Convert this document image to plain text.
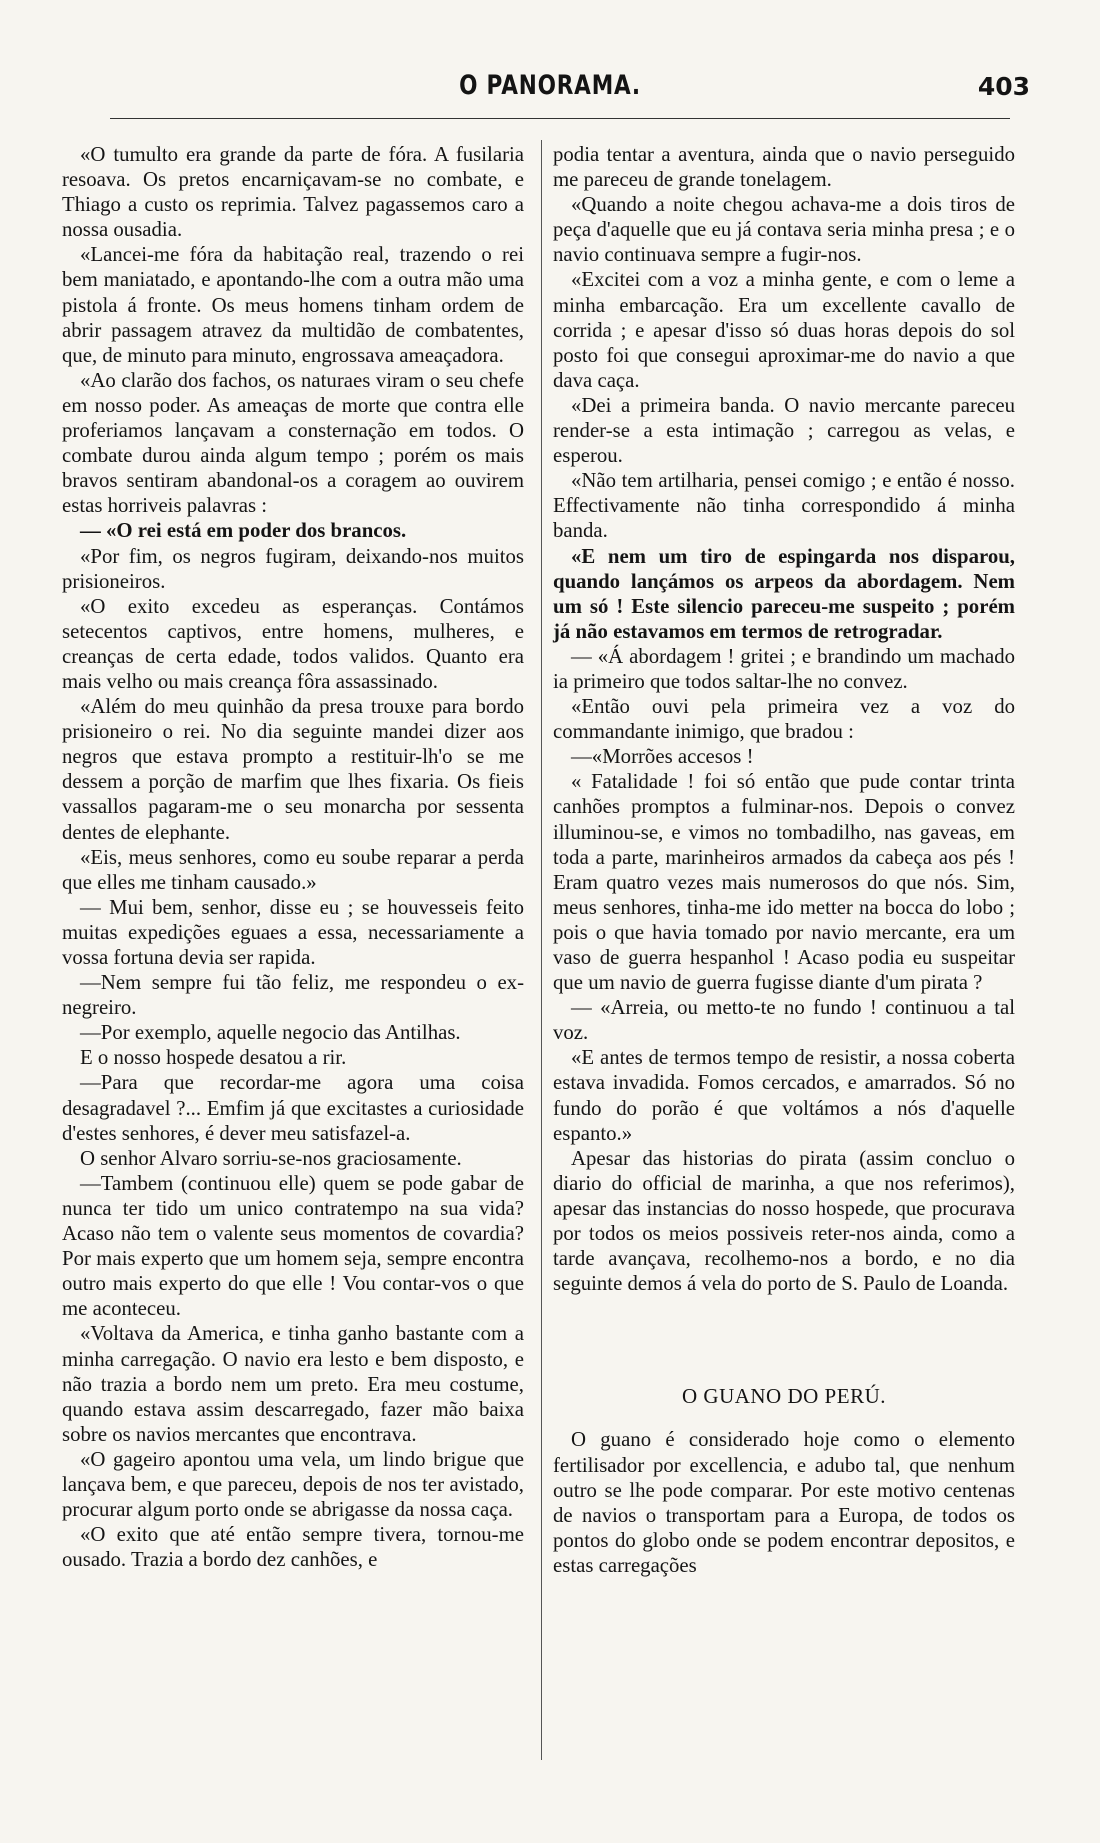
O PANORAMA.	403

«O tumulto era grande da parte de fóra. A fusilaria resoava. Os pretos encarniçavam-se no combate, e Thiago a custo os reprimia. Talvez pagassemos caro a nossa ousadia.

«Lancei-me fóra da habitação real, trazendo o rei bem maniatado, e apontando-lhe com a outra mão uma pistola á fronte. Os meus homens tinham ordem de abrir passagem atravez da multidão de combatentes, que, de minuto para minuto, engrossava ameaçadora.

«Ao clarão dos fachos, os naturaes viram o seu chefe em nosso poder. As ameaças de morte que contra elle proferiamos lançavam a consternação em todos. O combate durou ainda algum tempo ; porém os mais bravos sentiram abandonal-os a coragem ao ouvirem estas horriveis palavras :

— «O rei está em poder dos brancos.

«Por fim, os negros fugiram, deixando-nos muitos prisioneiros.

«O exito excedeu as esperanças. Contámos setecentos captivos, entre homens, mulheres, e creanças de certa edade, todos validos. Quanto era mais velho ou mais creança fôra assassinado.

«Além do meu quinhão da presa trouxe para bordo prisioneiro o rei. No dia seguinte mandei dizer aos negros que estava prompto a restituir-lh'o se me dessem a porção de marfim que lhes fixaria. Os fieis vassallos pagaram-me o seu monarcha por sessenta dentes de elephante.

«Eis, meus senhores, como eu soube reparar a perda que elles me tinham causado.»

— Mui bem, senhor, disse eu ; se houvesseis feito muitas expedições eguaes a essa, necessariamente a vossa fortuna devia ser rapida.

—Nem sempre fui tão feliz, me respondeu o ex-negreiro.

—Por exemplo, aquelle negocio das Antilhas.

E o nosso hospede desatou a rir.

—Para que recordar-me agora uma coisa desagradavel ?... Emfim já que excitastes a curiosidade d'estes senhores, é dever meu satisfazel-a.

O senhor Alvaro sorriu-se-nos graciosamente.

—Tambem (continuou elle) quem se pode gabar de nunca ter tido um unico contratempo na sua vida? Acaso não tem o valente seus momentos de covardia? Por mais experto que um homem seja, sempre encontra outro mais experto do que elle ! Vou contar-vos o que me aconteceu.

«Voltava da America, e tinha ganho bastante com a minha carregação. O navio era lesto e bem disposto, e não trazia a bordo nem um preto. Era meu costume, quando estava assim descarregado, fazer mão baixa sobre os navios mercantes que encontrava.

«O gageiro apontou uma vela, um lindo brigue que lançava bem, e que pareceu, depois de nos ter avistado, procurar algum porto onde se abrigasse da nossa caça.

«O exito que até então sempre tivera, tornou-me ousado. Trazia a bordo dez canhões, e

podia tentar a aventura, ainda que o navio perseguido me pareceu de grande tonelagem.

«Quando a noite chegou achava-me a dois tiros de peça d'aquelle que eu já contava seria minha presa ; e o navio continuava sempre a fugir-nos.

«Excitei com a voz a minha gente, e com o leme a minha embarcação. Era um excellente cavallo de corrida ; e apesar d'isso só duas horas depois do sol posto foi que consegui aproximar-me do navio a que dava caça.

«Dei a primeira banda. O navio mercante pareceu render-se a esta intimação ; carregou as velas, e esperou.

«Não tem artilharia, pensei comigo ; e então é nosso. Effectivamente não tinha correspondido á minha banda.

«E nem um tiro de espingarda nos disparou, quando lançámos os arpeos da abordagem. Nem um só ! Este silencio pareceu-me suspeito ; porém já não estavamos em termos de retrogradar.

— «Á abordagem ! gritei ; e brandindo um machado ia primeiro que todos saltar-lhe no convez.

«Então ouvi pela primeira vez a voz do commandante inimigo, que bradou :

—«Morrões accesos !

« Fatalidade ! foi só então que pude contar trinta canhões promptos a fulminar-nos. Depois o convez illuminou-se, e vimos no tombadilho, nas gaveas, em toda a parte, marinheiros armados da cabeça aos pés ! Eram quatro vezes mais numerosos do que nós. Sim, meus senhores, tinha-me ido metter na bocca do lobo ; pois o que havia tomado por navio mercante, era um vaso de guerra hespanhol ! Acaso podia eu suspeitar que um navio de guerra fugisse diante d'um pirata ?

— «Arreia, ou metto-te no fundo ! continuou a tal voz.

«E antes de termos tempo de resistir, a nossa coberta estava invadida. Fomos cercados, e amarrados. Só no fundo do porão é que voltámos a nós d'aquelle espanto.»

Apesar das historias do pirata (assim concluo o diario do official de marinha, a que nos referimos), apesar das instancias do nosso hospede, que procurava por todos os meios possiveis reter-nos ainda, como a tarde avançava, recolhemo-nos a bordo, e no dia seguinte demos á vela do porto de S. Paulo de Loanda.

O GUANO DO PERÚ.

O guano é considerado hoje como o elemento fertilisador por excellencia, e adubo tal, que nenhum outro se lhe pode comparar. Por este motivo centenas de navios o transportam para a Europa, de todos os pontos do globo onde se podem encontrar depositos, e estas carregações
